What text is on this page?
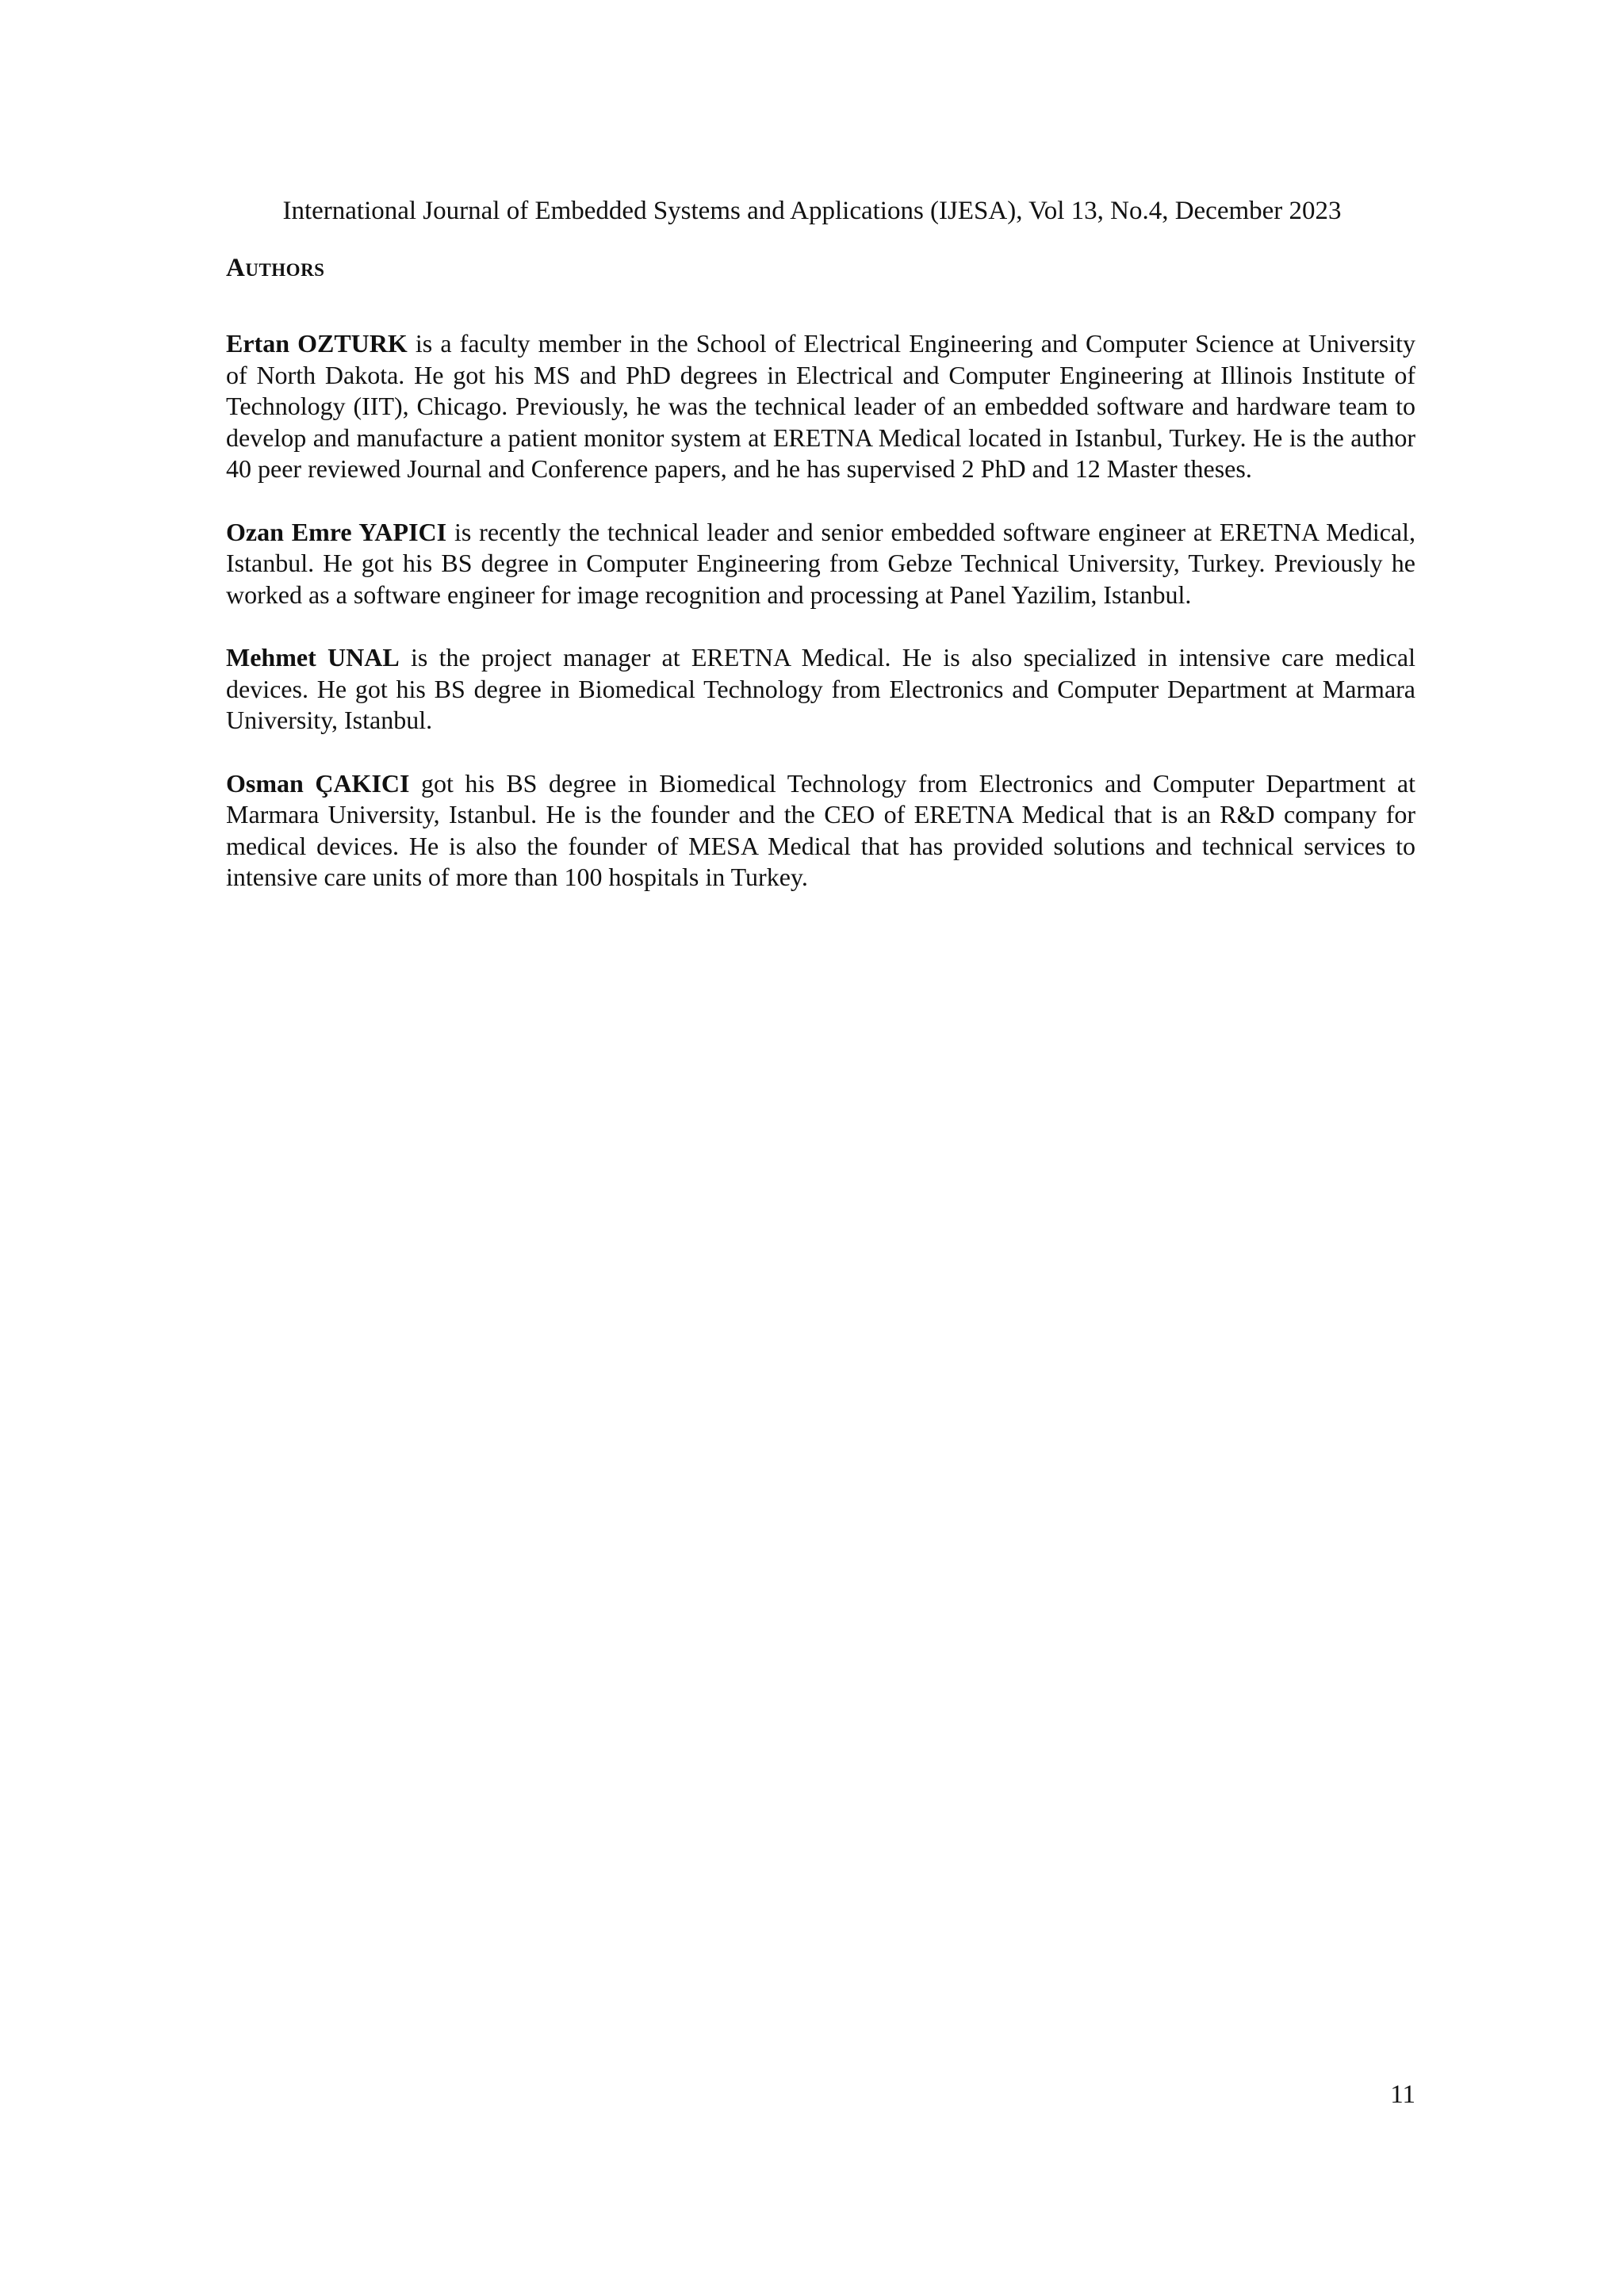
International Journal of Embedded Systems and Applications (IJESA), Vol 13, No.4, December 2023
Authors

Ertan OZTURK is a faculty member in the School of Electrical Engineering and Computer Science at University of North Dakota. He got his MS and PhD degrees in Electrical and Computer Engineering at Illinois Institute of Technology (IIT), Chicago. Previously, he was the technical leader of an embedded software and hardware team to develop and manufacture a patient monitor system at ERETNA Medical located in Istanbul, Turkey. He is the author 40 peer reviewed Journal and Conference papers, and he has supervised 2 PhD and 12 Master theses.

Ozan Emre YAPICI is recently the technical leader and senior embedded software engineer at ERETNA Medical, Istanbul. He got his BS degree in Computer Engineering from Gebze Technical University, Turkey. Previously he worked as a software engineer for image recognition and processing at Panel Yazilim, Istanbul.

Mehmet UNAL is the project manager at ERETNA Medical. He is also specialized in intensive care medical devices. He got his BS degree in Biomedical Technology from Electronics and Computer Department at Marmara University, Istanbul.

Osman ÇAKICI got his BS degree in Biomedical Technology from Electronics and Computer Department at Marmara University, Istanbul. He is the founder and the CEO of ERETNA Medical that is an R&D company for medical devices. He is also the founder of MESA Medical that has provided solutions and technical services to intensive care units of more than 100 hospitals in Turkey.

11
